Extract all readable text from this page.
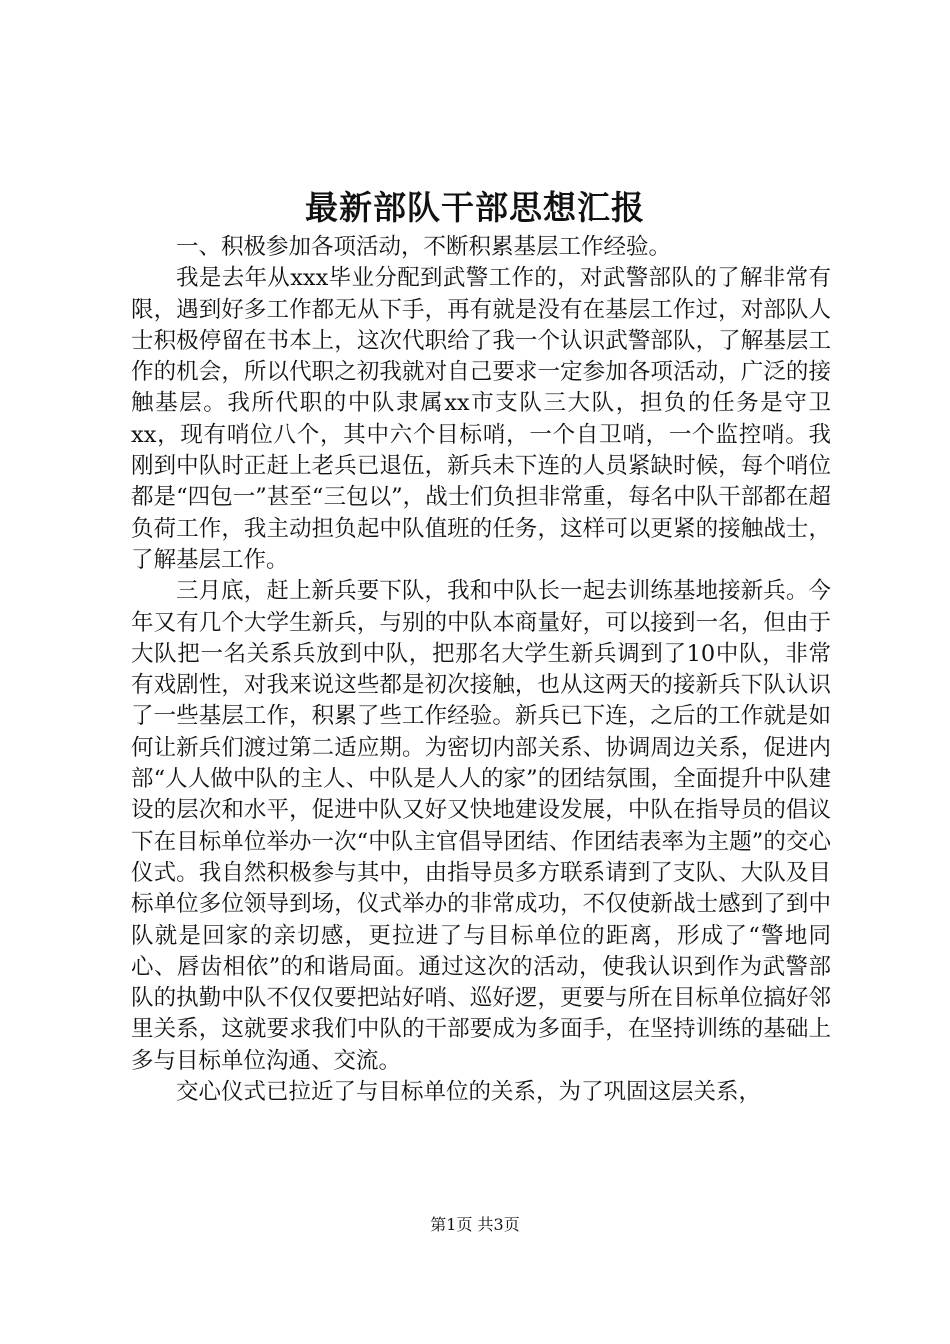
最新部队干部思想汇报

一、积极参加各项活动，不断积累基层工作经验。

我是去年从xxx毕业分配到武警工作的，对武警部队的了解非常有限，遇到好多工作都无从下手，再有就是没有在基层工作过，对部队人士积极停留在书本上，这次代职给了我一个认识武警部队，了解基层工作的机会，所以代职之初我就对自己要求一定参加各项活动，广泛的接触基层。我所代职的中队隶属xx市支队三大队，担负的任务是守卫xx，现有哨位八个，其中六个目标哨，一个自卫哨，一个监控哨。我刚到中队时正赶上老兵已退伍，新兵未下连的人员紧缺时候，每个哨位都是“四包一”甚至“三包以”，战士们负担非常重，每名中队干部都在超负荷工作，我主动担负起中队值班的任务，这样可以更紧的接触战士，了解基层工作。

三月底，赶上新兵要下队，我和中队长一起去训练基地接新兵。今年又有几个大学生新兵，与别的中队本商量好，可以接到一名，但由于大队把一名关系兵放到中队，把那名大学生新兵调到了10中队，非常有戏剧性，对我来说这些都是初次接触，也从这两天的接新兵下队认识了一些基层工作，积累了些工作经验。新兵已下连，之后的工作就是如何让新兵们渡过第二适应期。为密切内部关系、协调周边关系，促进内部“人人做中队的主人、中队是人人的家”的团结氛围，全面提升中队建设的层次和水平，促进中队又好又快地建设发展，中队在指导员的倡议下在目标单位举办一次“中队主官倡导团结、作团结表率为主题”的交心仪式。我自然积极参与其中，由指导员多方联系请到了支队、大队及目标单位多位领导到场，仪式举办的非常成功，不仅使新战士感到了到中队就是回家的亲切感，更拉进了与目标单位的距离，形成了“警地同心、唇齿相依”的和谐局面。通过这次的活动，使我认识到作为武警部队的执勤中队不仅仅要把站好哨、巡好逻，更要与所在目标单位搞好邻里关系，这就要求我们中队的干部要成为多面手，在坚持训练的基础上多与目标单位沟通、交流。

交心仪式已拉近了与目标单位的关系，为了巩固这层关系，

第1页 共3页
